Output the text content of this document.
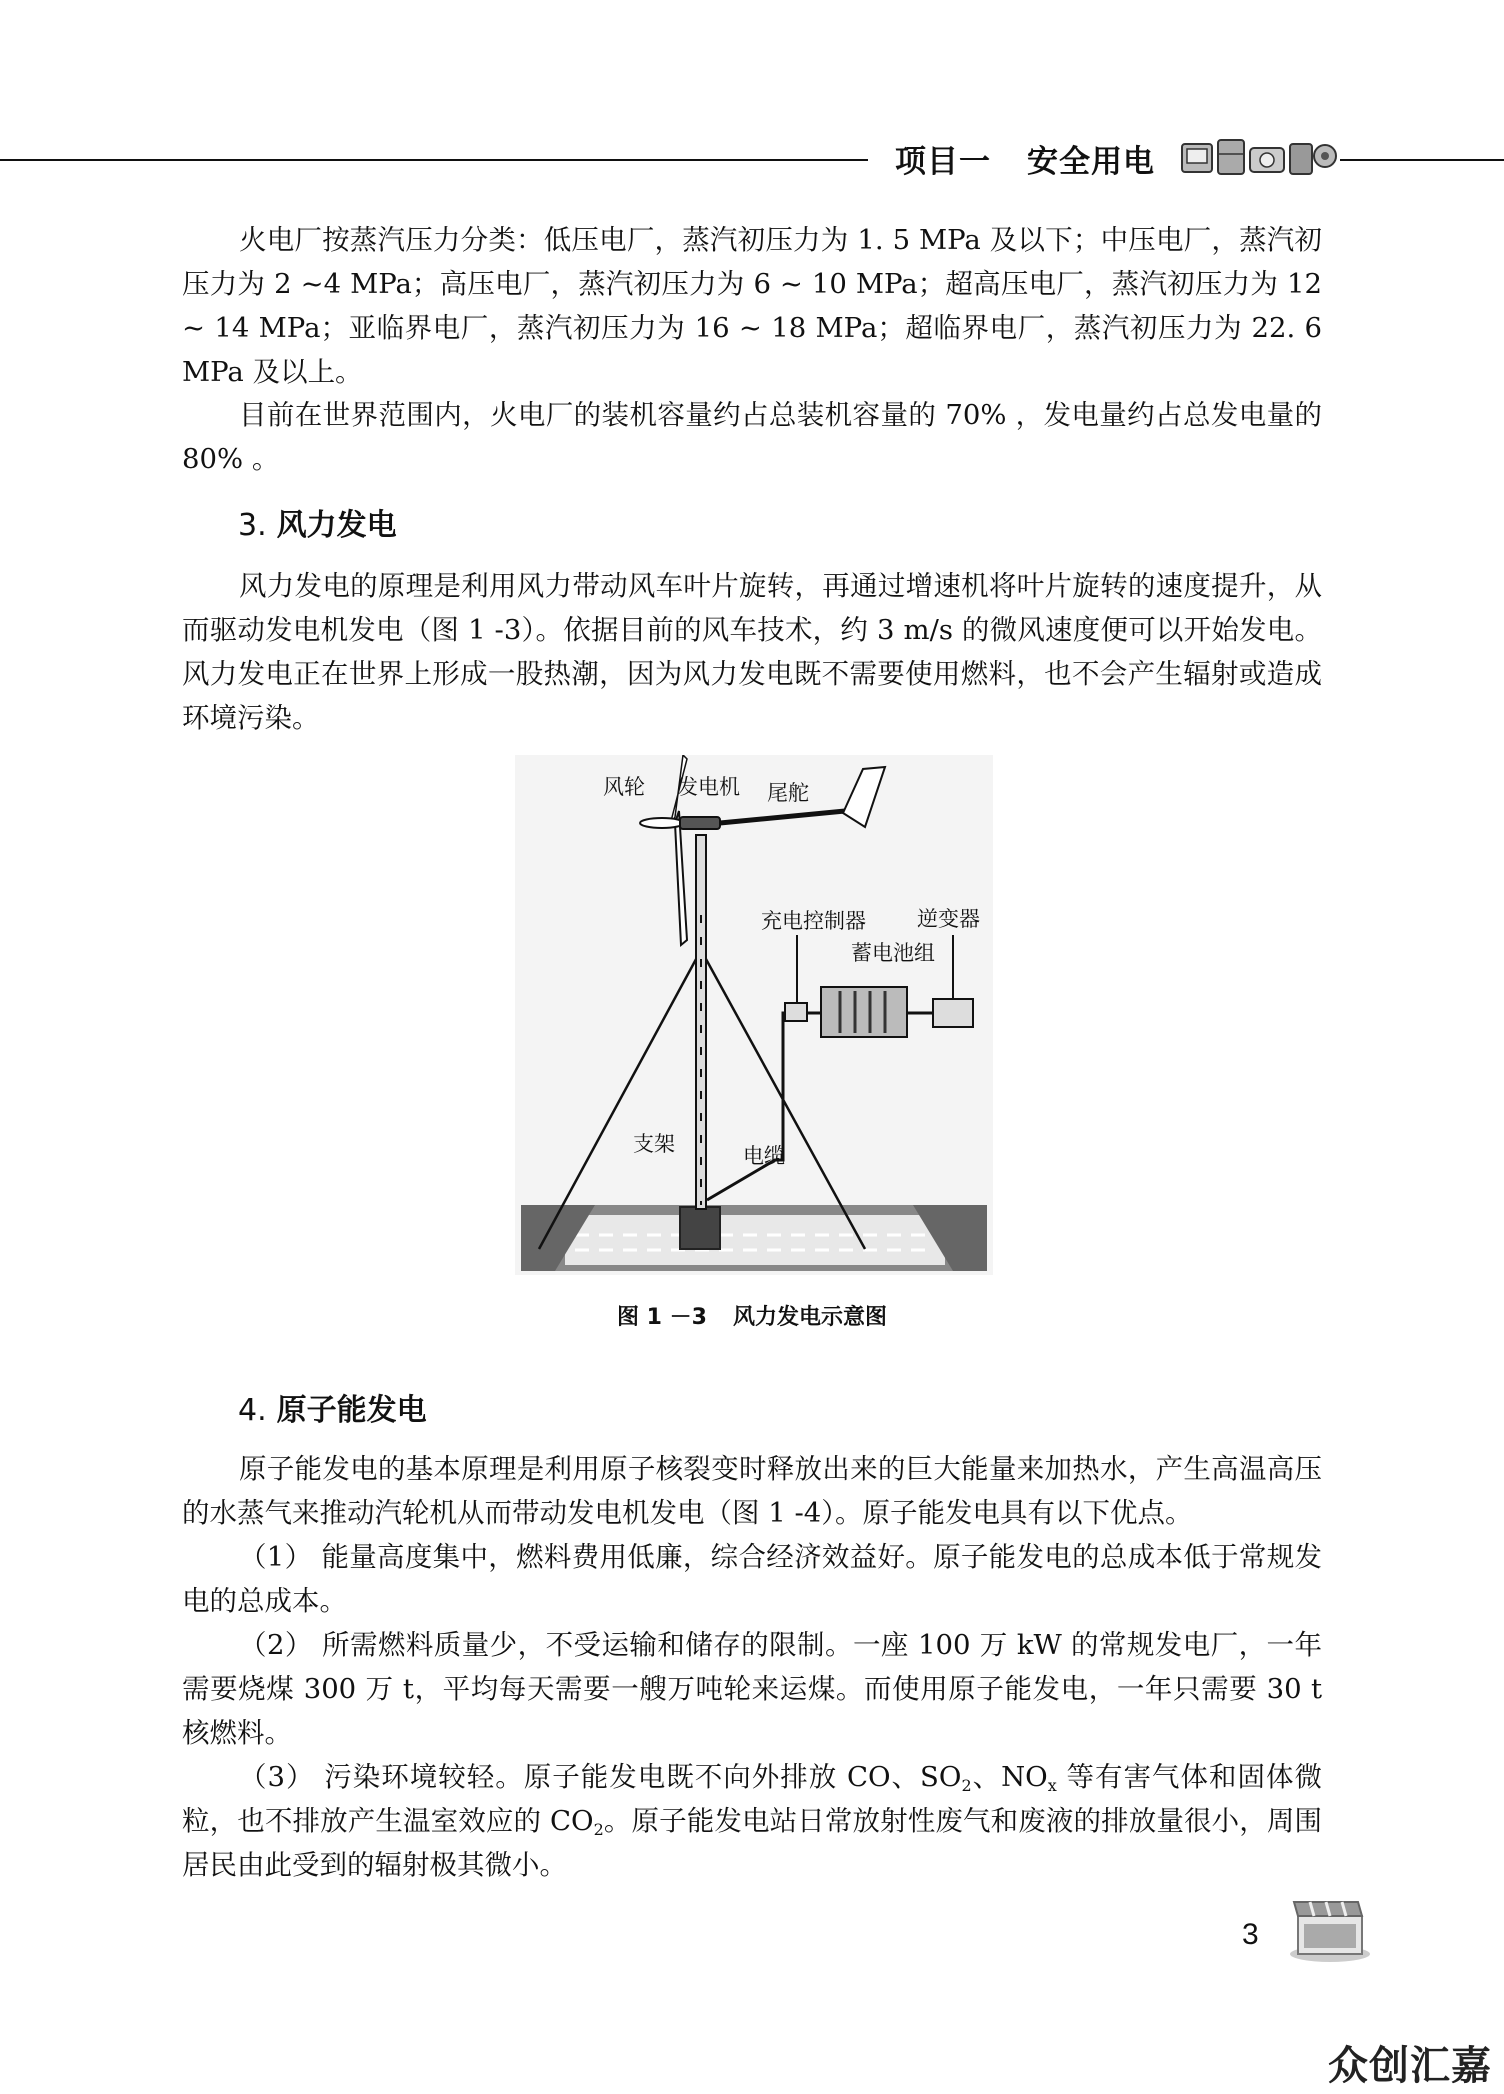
项目一 安全用电
火电厂按蒸汽压力分类：低压电厂，蒸汽初压力为 1. 5 MPa 及以下；中压电厂，蒸汽初压力为 2 ~4 MPa；高压电厂，蒸汽初压力为 6 ~ 10 MPa；超高压电厂，蒸汽初压力为 12 ~ 14 MPa；亚临界电厂，蒸汽初压力为 16 ~ 18 MPa；超临界电厂，蒸汽初压力为 22. 6 MPa 及以上。
目前在世界范围内，火电厂的装机容量约占总装机容量的 70% ，发电量约占总发电量的 80% 。
3. 风力发电
风力发电的原理是利用风力带动风车叶片旋转，再通过增速机将叶片旋转的速度提升，从而驱动发电机发电（图 1 -3）。依据目前的风车技术，约 3 m/s 的微风速度便可以开始发电。风力发电正在世界上形成一股热潮，因为风力发电既不需要使用燃料，也不会产生辐射或造成环境污染。
风轮 发电机 尾舵
充电控制器 逆变器
蓄电池组
支架	电缆
图 1 －3 风力发电示意图
4. 原子能发电
原子能发电的基本原理是利用原子核裂变时释放出来的巨大能量来加热水，产生高温高压的水蒸气来推动汽轮机从而带动发电机发电（图 1 -4）。原子能发电具有以下优点。
（1） 能量高度集中，燃料费用低廉，综合经济效益好。原子能发电的总成本低于常规发电的总成本。
（2） 所需燃料质量少，不受运输和储存的限制。一座 100 万 kW 的常规发电厂，一年需要烧煤 300 万 t，平均每天需要一艘万吨轮来运煤。而使用原子能发电，一年只需要 30 t 核燃料。
（3） 污染环境较轻。原子能发电既不向外排放 CO、$SO_2$、$NO_x$ 等有害气体和固体微粒，也不排放产生温室效应的 $CO_2$。原子能发电站日常放射性废气和废液的排放量很小，周围居民由此受到的辐射极其微小。
3
众创汇嘉
